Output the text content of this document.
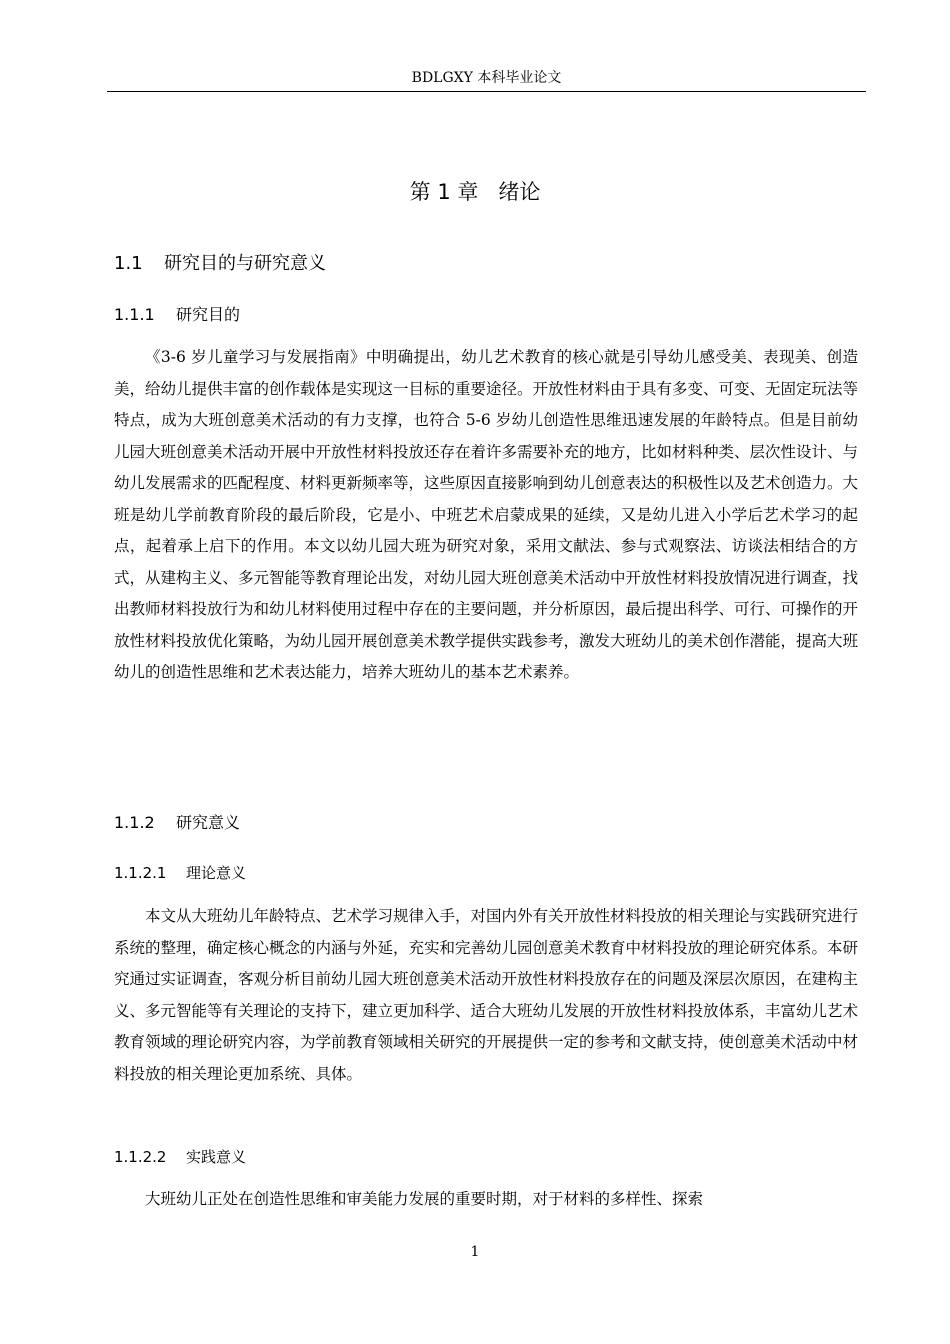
BDLGXY 本科毕业论文
第 1 章 绪论
1.1 研究目的与研究意义
1.1.1 研究目的

《3-6 岁儿童学习与发展指南》中明确提出，幼儿艺术教育的核心就是引导幼儿感受美、表现美、创造美，给幼儿提供丰富的创作载体是实现这一目标的重要途径。开放性材料由于具有多变、可变、无固定玩法等特点，成为大班创意美术活动的有力支撑，也符合 5-6 岁幼儿创造性思维迅速发展的年龄特点。但是目前幼儿园大班创意美术活动开展中开放性材料投放还存在着许多需要补充的地方，比如材料种类、层次性设计、与幼儿发展需求的匹配程度、材料更新频率等，这些原因直接影响到幼儿创意表达的积极性以及艺术创造力。大班是幼儿学前教育阶段的最后阶段，它是小、中班艺术启蒙成果的延续，又是幼儿进入小学后艺术学习的起点，起着承上启下的作用。本文以幼儿园大班为研究对象，采用文献法、参与式观察法、访谈法相结合的方式，从建构主义、多元智能等教育理论出发，对幼儿园大班创意美术活动中开放性材料投放情况进行调查，找出教师材料投放行为和幼儿材料使用过程中存在的主要问题，并分析原因，最后提出科学、可行、可操作的开放性材料投放优化策略，为幼儿园开展创意美术教学提供实践参考，激发大班幼儿的美术创作潜能，提高大班幼儿的创造性思维和艺术表达能力，培养大班幼儿的基本艺术素养。

1.1.2 研究意义
1.1.2.1 理论意义

本文从大班幼儿年龄特点、艺术学习规律入手，对国内外有关开放性材料投放的相关理论与实践研究进行系统的整理，确定核心概念的内涵与外延，充实和完善幼儿园创意美术教育中材料投放的理论研究体系。本研究通过实证调查，客观分析目前幼儿园大班创意美术活动开放性材料投放存在的问题及深层次原因，在建构主义、多元智能等有关理论的支持下，建立更加科学、适合大班幼儿发展的开放性材料投放体系，丰富幼儿艺术教育领域的理论研究内容，为学前教育领域相关研究的开展提供一定的参考和文献支持，使创意美术活动中材料投放的相关理论更加系统、具体。

1.1.2.2 实践意义

大班幼儿正处在创造性思维和审美能力发展的重要时期，对于材料的多样性、探索

1
